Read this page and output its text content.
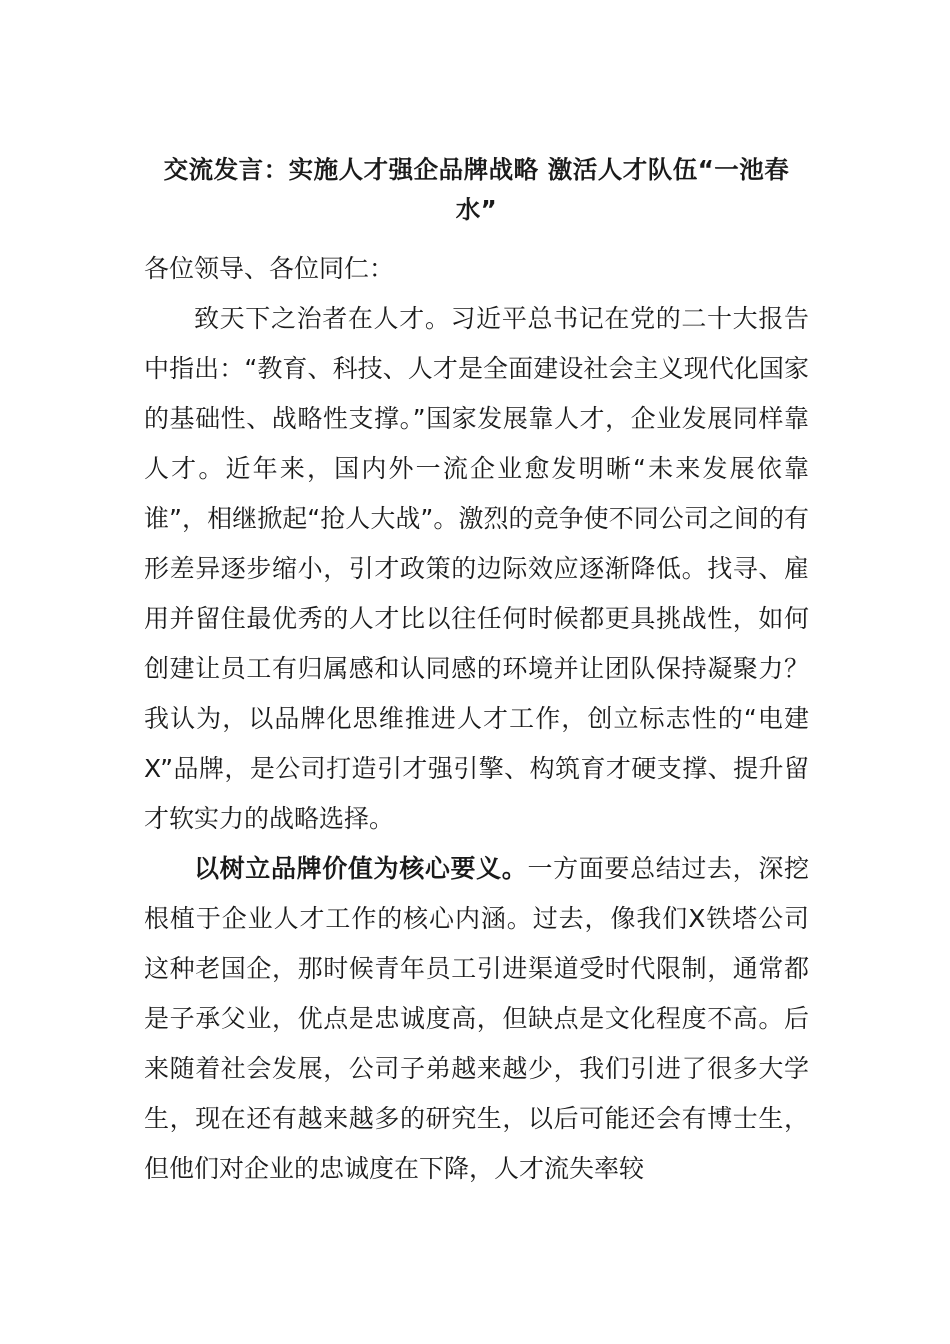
交流发言：实施人才强企品牌战略 激活人才队伍“一池春水”

各位领导、各位同仁：

致天下之治者在人才。习近平总书记在党的二十大报告中指出：“教育、科技、人才是全面建设社会主义现代化国家的基础性、战略性支撑。”国家发展靠人才，企业发展同样靠人才。近年来，国内外一流企业愈发明晰“未来发展依靠谁”，相继掀起“抢人大战”。激烈的竞争使不同公司之间的有形差异逐步缩小，引才政策的边际效应逐渐降低。找寻、雇用并留住最优秀的人才比以往任何时候都更具挑战性，如何创建让员工有归属感和认同感的环境并让团队保持凝聚力？我认为，以品牌化思维推进人才工作，创立标志性的“电建X”品牌，是公司打造引才强引擎、构筑育才硬支撑、提升留才软实力的战略选择。

以树立品牌价值为核心要义。一方面要总结过去，深挖根植于企业人才工作的核心内涵。过去，像我们X铁塔公司这种老国企，那时候青年员工引进渠道受时代限制，通常都是子承父业，优点是忠诚度高，但缺点是文化程度不高。后来随着社会发展，公司子弟越来越少，我们引进了很多大学生，现在还有越来越多的研究生，以后可能还会有博士生，但他们对企业的忠诚度在下降，人才流失率较
